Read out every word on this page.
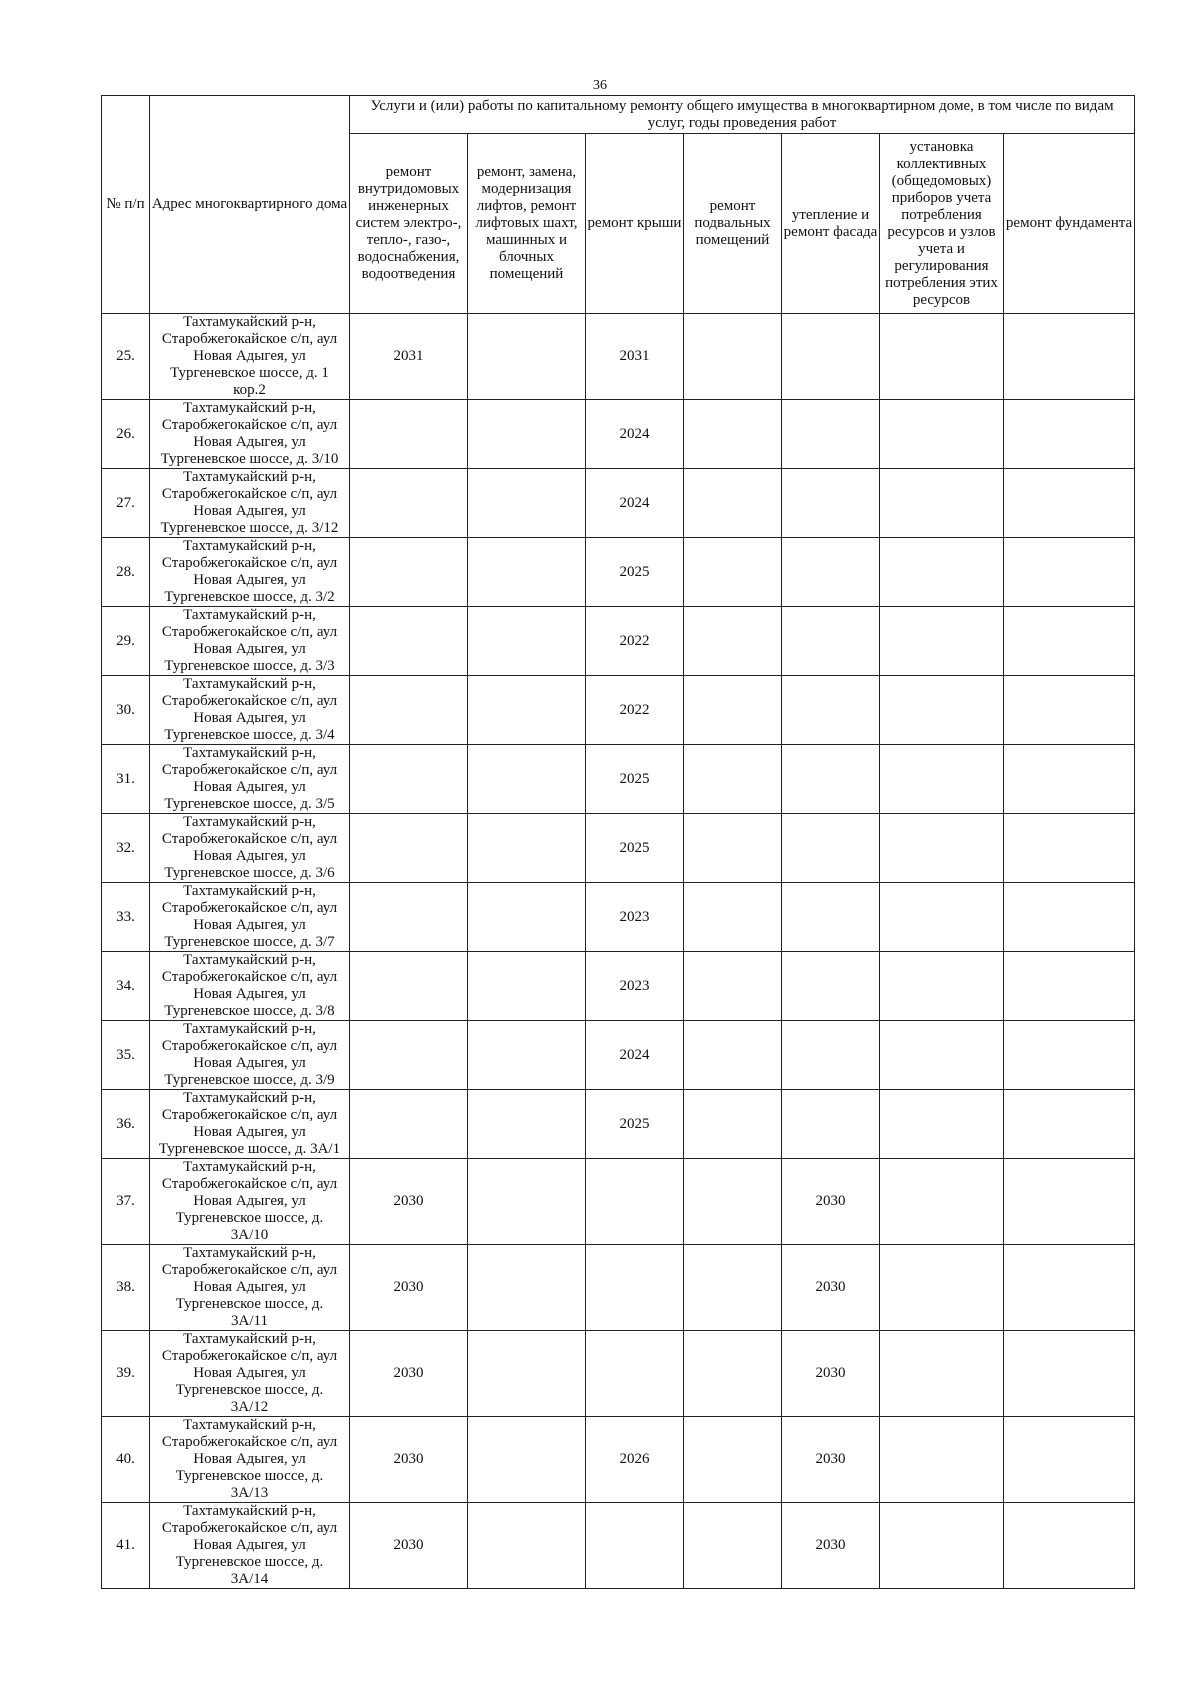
36
№ п/п	Адрес многоквартирного дома	Услуги и (или) работы по капитальному ремонту общего имущества в многоквартирном доме, в том числе по видам услуг, годы проведения работ						
		ремонт внутридомовых инженерных систем электро-, тепло-, газо-, водоснабжения, водоотведения	ремонт, замена, модернизация лифтов, ремонт лифтовых шахт, машинных и блочных помещений	ремонт крыши	ремонт подвальных помещений	утепление и ремонт фасада	установка коллективных (общедомовых) приборов учета потребления ресурсов и узлов учета и регулирования потребления этих ресурсов	ремонт фундамента
25.	Тахтамукайский р-н,
Старобжегокайское с/п, аул
Новая Адыгея, ул
Тургеневское шоссе, д. 1
кор.2	2031		2031				
26.	Тахтамукайский р-н,
Старобжегокайское с/п, аул
Новая Адыгея, ул
Тургеневское шоссе, д. 3/10			2024				
27.	Тахтамукайский р-н,
Старобжегокайское с/п, аул
Новая Адыгея, ул
Тургеневское шоссе, д. 3/12			2024				
28.	Тахтамукайский р-н,
Старобжегокайское с/п, аул
Новая Адыгея, ул
Тургеневское шоссе, д. 3/2			2025				
29.	Тахтамукайский р-н,
Старобжегокайское с/п, аул
Новая Адыгея, ул
Тургеневское шоссе, д. 3/3			2022				
30.	Тахтамукайский р-н,
Старобжегокайское с/п, аул
Новая Адыгея, ул
Тургеневское шоссе, д. 3/4			2022				
31.	Тахтамукайский р-н,
Старобжегокайское с/п, аул
Новая Адыгея, ул
Тургеневское шоссе, д. 3/5			2025				
32.	Тахтамукайский р-н,
Старобжегокайское с/п, аул
Новая Адыгея, ул
Тургеневское шоссе, д. 3/6			2025				
33.	Тахтамукайский р-н,
Старобжегокайское с/п, аул
Новая Адыгея, ул
Тургеневское шоссе, д. 3/7			2023				
34.	Тахтамукайский р-н,
Старобжегокайское с/п, аул
Новая Адыгея, ул
Тургеневское шоссе, д. 3/8			2023				
35.	Тахтамукайский р-н,
Старобжегокайское с/п, аул
Новая Адыгея, ул
Тургеневское шоссе, д. 3/9			2024				
36.	Тахтамукайский р-н,
Старобжегокайское с/п, аул
Новая Адыгея, ул
Тургеневское шоссе, д. 3А/1			2025				
37.	Тахтамукайский р-н,
Старобжегокайское с/п, аул
Новая Адыгея, ул
Тургеневское шоссе, д.
3А/10	2030				2030		
38.	Тахтамукайский р-н,
Старобжегокайское с/п, аул
Новая Адыгея, ул
Тургеневское шоссе, д.
3А/11	2030				2030		
39.	Тахтамукайский р-н,
Старобжегокайское с/п, аул
Новая Адыгея, ул
Тургеневское шоссе, д.
3А/12	2030				2030		
40.	Тахтамукайский р-н,
Старобжегокайское с/п, аул
Новая Адыгея, ул
Тургеневское шоссе, д.
3А/13	2030		2026		2030		
41.	Тахтамукайский р-н,
Старобжегокайское с/п, аул
Новая Адыгея, ул
Тургеневское шоссе, д.
3А/14	2030				2030		
